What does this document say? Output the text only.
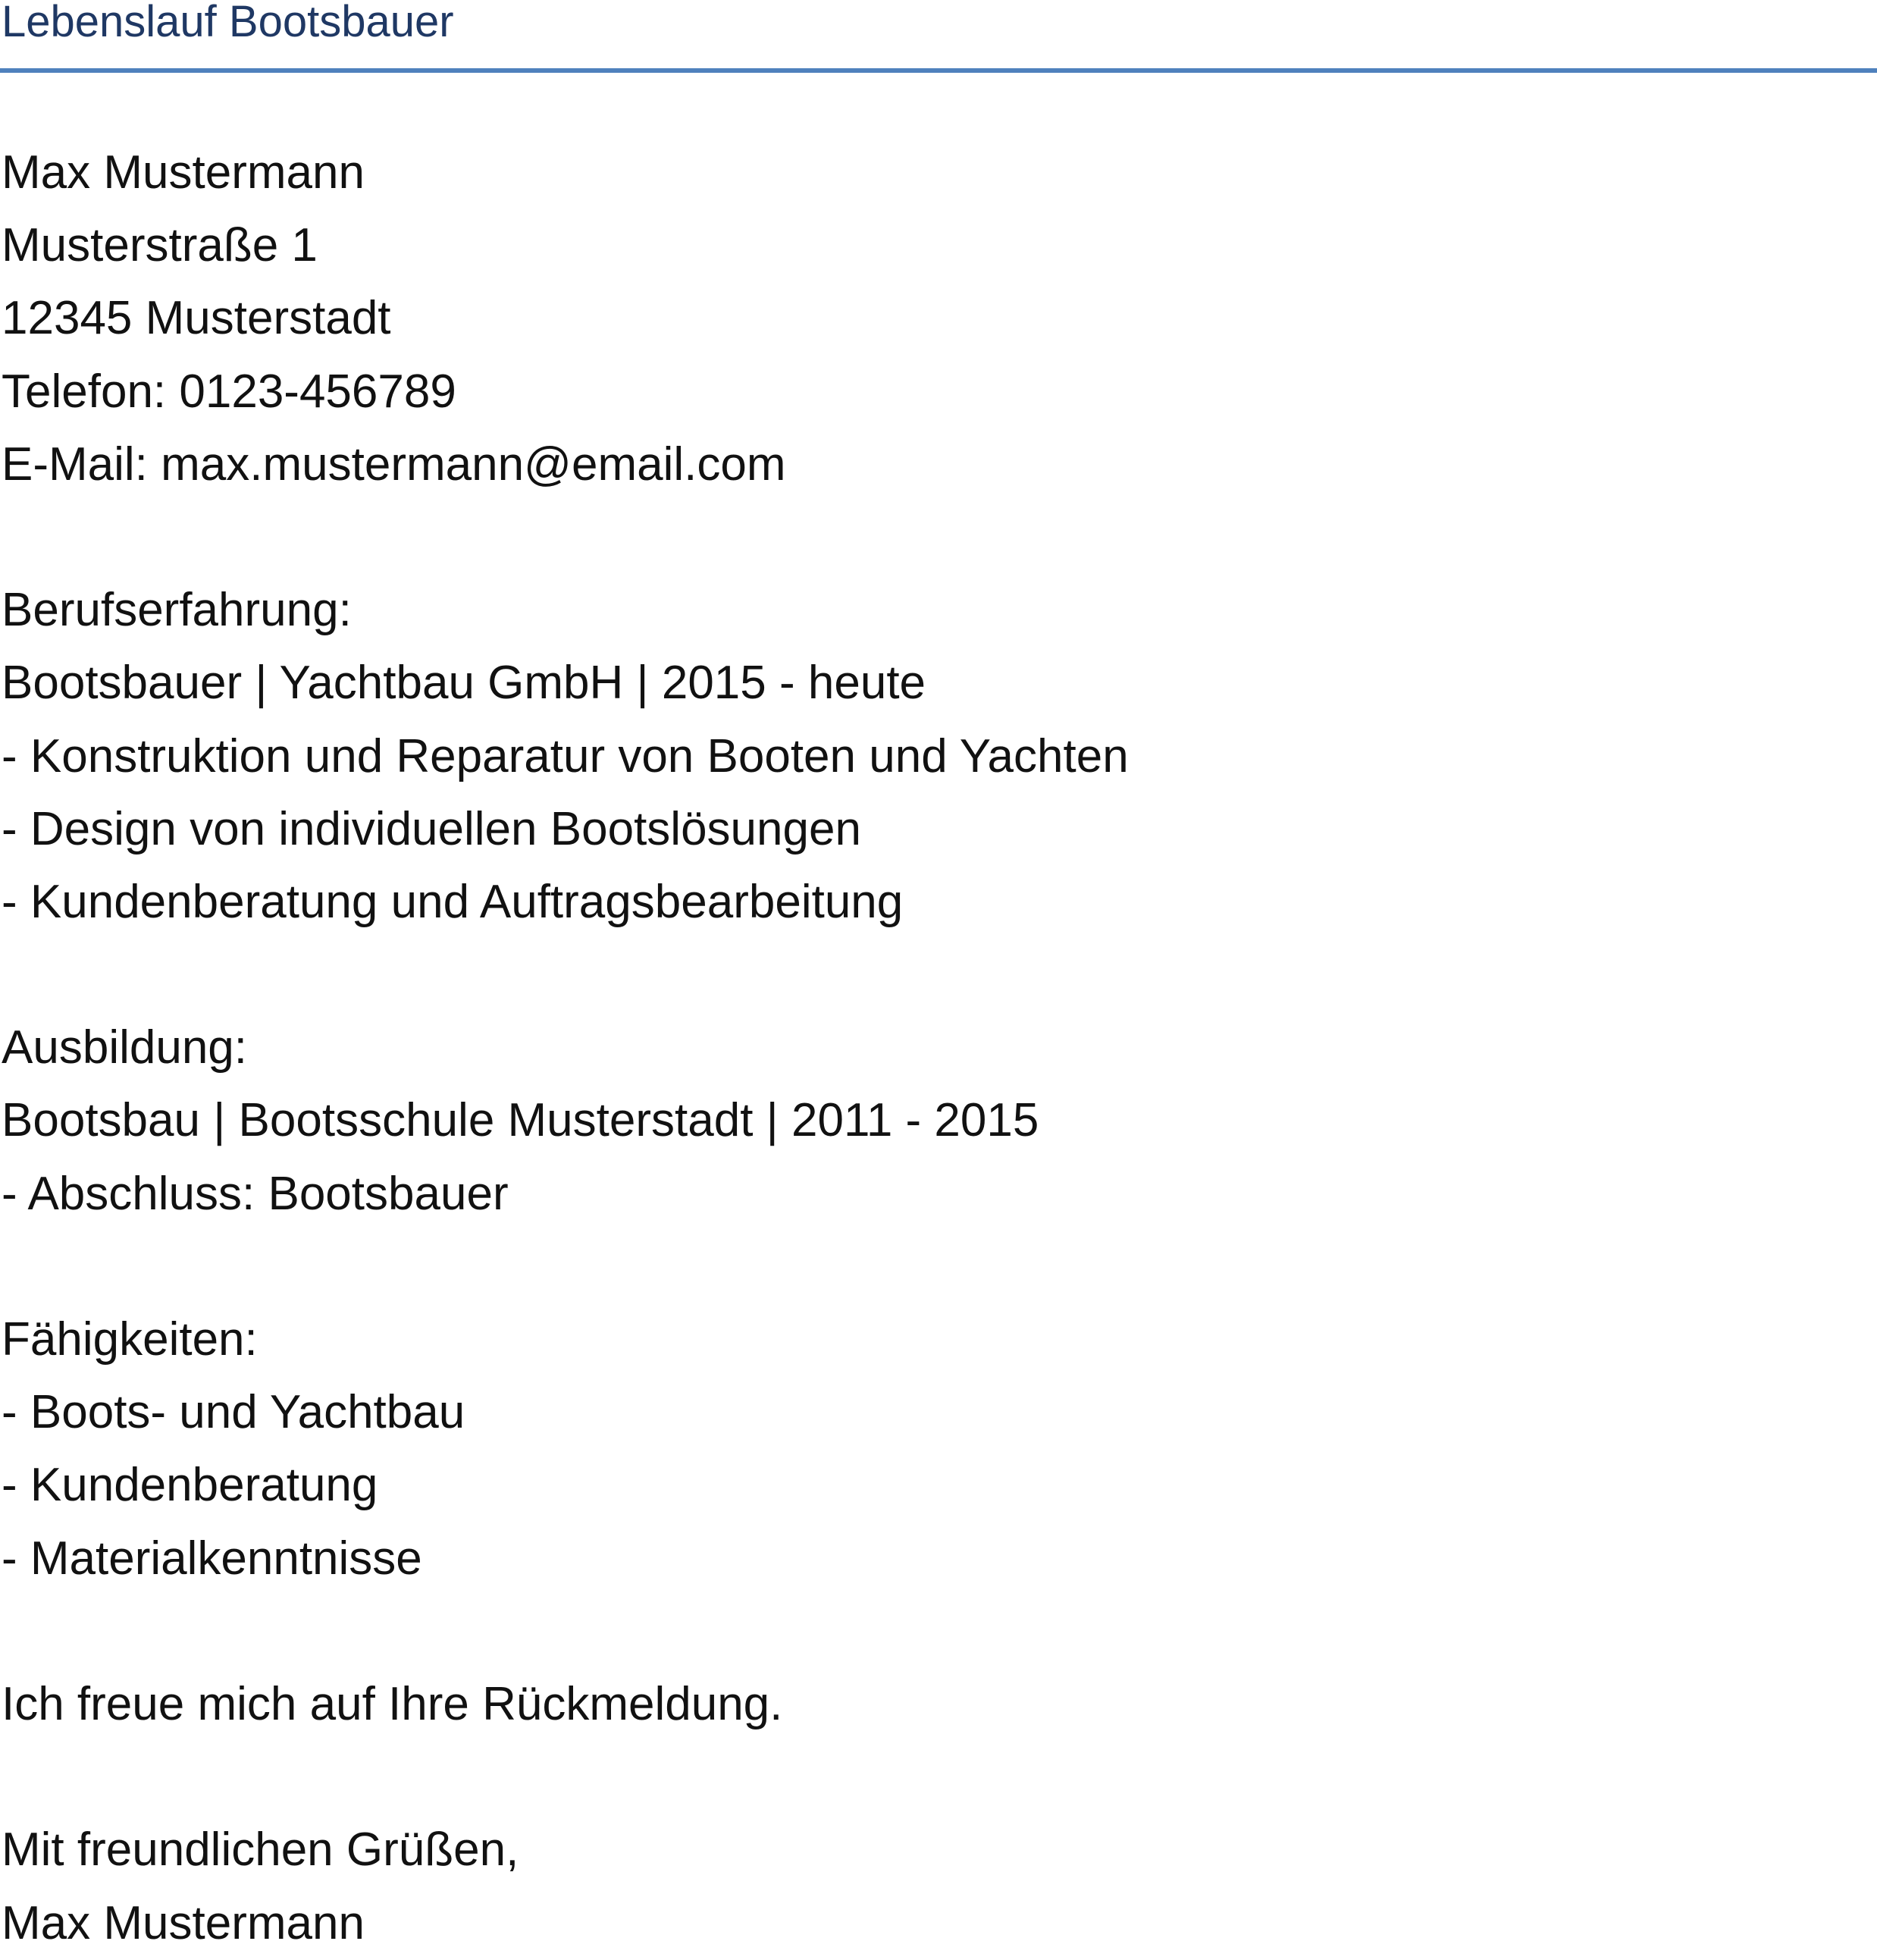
Lebenslauf Bootsbauer
Max Mustermann
Musterstraße 1
12345 Musterstadt
Telefon: 0123-456789
E-Mail: max.mustermann@email.com
Berufserfahrung:
Bootsbauer | Yachtbau GmbH | 2015 - heute
- Konstruktion und Reparatur von Booten und Yachten
- Design von individuellen Bootslösungen
- Kundenberatung und Auftragsbearbeitung
Ausbildung:
Bootsbau | Bootsschule Musterstadt | 2011 - 2015
- Abschluss: Bootsbauer
Fähigkeiten:
- Boots- und Yachtbau
- Kundenberatung
- Materialkenntnisse
Ich freue mich auf Ihre Rückmeldung.
Mit freundlichen Grüßen,
Max Mustermann
